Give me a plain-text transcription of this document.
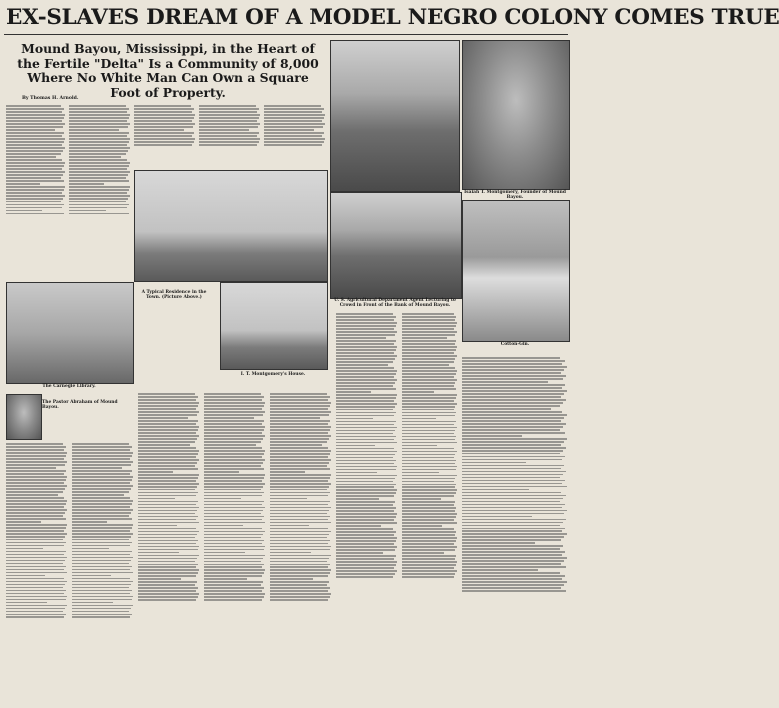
EX-SLAVES DREAM OF A MODEL NEGRO COLONY COMES TRUE
Mound Bayou, Mississippi, in the Heart of the Fertile "Delta" Is a Community of 8,000 Where No White Man Can Own a Square Foot of Property.
By Thomas H. Arnold.
Isaiah T. Montgomery, Founder of Mound Bayou.
U. S. Agricultural Department Agent Lecturing to Crowd in Front of the Bank of Mound Bayou.
Cotton-Gin.
The Carnegie Library.
A Typical Residence in the Town. (Picture Above.)
I. T. Montgomery's House.
The Pastor Abraham of Mound Bayou.
